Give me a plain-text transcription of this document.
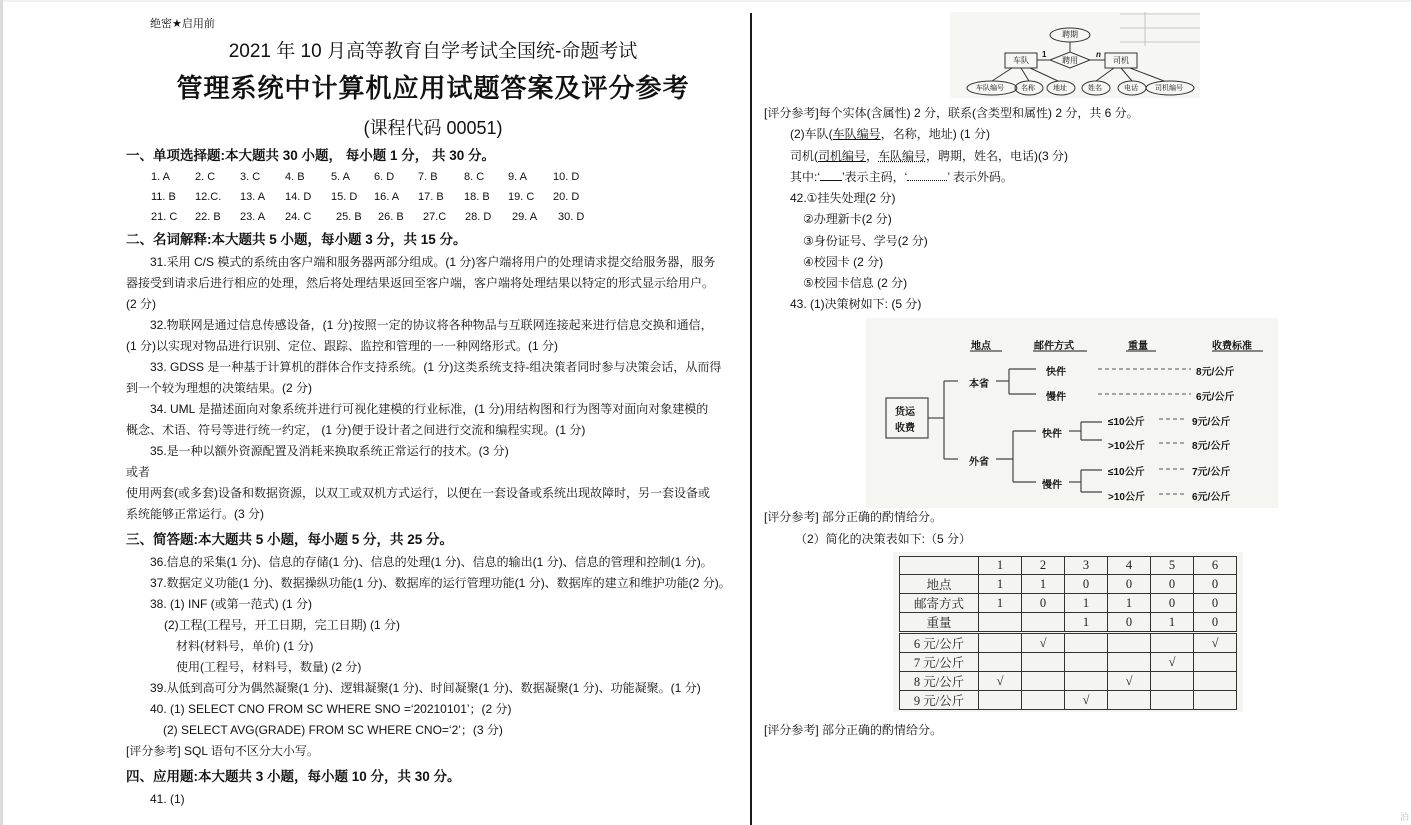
绝密★启用前
2021 年 10 月高等教育自学考试全国统-命题考试
管理系统中计算机应用试题答案及评分参考
(课程代码 00051)
一、单项选择题:本大题共 30 小题， 每小题 1 分， 共 30 分。
1. A 2. C 3. C 4. B 5. A 6. D 7. B 8. C 9. A 10. D
11. B 12.C. 13. A 14. D 15. D 16. A 17. B 18. B 19. C 20. D
21. C 22. B 23. A 24. C 25. B 26. B 27.C 28. D 29. A 30. D
二、名词解释:本大题共 5 小题，每小题 3 分，共 15 分。
31.采用 C/S 模式的系统由客户端和服务器两部分组成。(1 分)客户端将用户的处理请求提交给服务器，服务
器接受到请求后进行相应的处理，然后将处理结果返回至客户端，客户端将处理结果以特定的形式显示给用户。
(2 分)
32.物联网是通过信息传感设备，(1 分)按照一定的协议将各种物品与互联网连接起来进行信息交换和通信，
(1 分)以实现对物品进行识别、定位、跟踪、监控和管理的一一种网络形式。(1 分)
33. GDSS 是一种基于计算机的群体合作支持系统。(1 分)这类系统支持-组决策者同时参与决策会话，从而得
到一个较为理想的决策结果。(2 分)
34. UML 是描述面向对象系统并进行可视化建模的行业标准，(1 分)用结构图和行为图等对面向对象建模的
概念、术语、符号等进行统一约定， (1 分)便于设计者之间进行交流和编程实现。(1 分)
35.是一种以额外资源配置及消耗来换取系统正常运行的技术。(3 分)
或者
使用两套(或多套)设备和数据资源，以双工或双机方式运行，以便在一套设备或系统出现故障时，另一套设备或
系统能够正常运行。(3 分)
三、简答题:本大题共 5 小题，每小题 5 分，共 25 分。
36.信息的采集(1 分)、信息的存储(1 分)、信息的处理(1 分)、信息的输出(1 分)、信息的管理和控制(1 分)。
37.数据定义功能(1 分)、数据操纵功能(1 分)、数据库的运行管理功能(1 分)、数据库的建立和维护功能(2 分)。
38. (1) INF (或第一范式) (1 分)
(2)工程(工程号，开工日期，完工日期) (1 分)
材料(材料号，单价) (1 分)
使用(工程号，材料号，数量) (2 分)
39.从低到高可分为偶然凝聚(1 分)、逻辑凝聚(1 分)、时间凝聚(1 分)、数据凝聚(1 分)、功能凝聚。(1 分)
40. (1) SELECT CNO FROM SC WHERE SNO =‘20210101’；(2 分)
(2) SELECT AVG(GRADE) FROM SC WHERE CNO=‘2’；(3 分)
[评分参考] SQL 语句不区分大小写。
四、应用题:本大题共 3 小题，每小题 10 分，共 30 分。
41. (1)
聘期
聘用
车队	司机
1	n
车队编号 名称	地址	姓名	电话 司机编号
[评分参考]每个实体(含属性) 2 分，联系(含类型和属性) 2 分，共 6 分。
(2)车队(车队编号，名称，地址) (1 分)
司机(司机编号，车队编号，聘期，姓名，电话)(3 分)
其中:‘ ’表示主码，‘	’ 表示外码。
42.①挂失处理(2 分)
②办理新卡(2 分)
③身份证号、学号(2 分)
④校园卡 (2 分)
⑤校园卡信息 (2 分)
43. (1)决策树如下: (5 分)
地点	邮件方式	重量	收费标准
货运
收费
本省
外省
快件
慢件
快件
慢件
8元/公斤
6元/公斤
≤10公斤
>10公斤
≤10公斤
>10公斤
9元/公斤
8元/公斤
7元/公斤
6元/公斤
[评分参考] 部分正确的酌情给分。
（2）简化的决策表如下:（5 分）
	1	2	3	4	5	6
地点	1	1	0	0	0	0
邮寄方式	1	0	1	1	0	0
重量			1	0	1	0
6 元/公斤		√				√
7 元/公斤					√	
8 元/公斤	√			√		
9 元/公斤			√			
[评分参考] 部分正确的酌情给分。
泊
